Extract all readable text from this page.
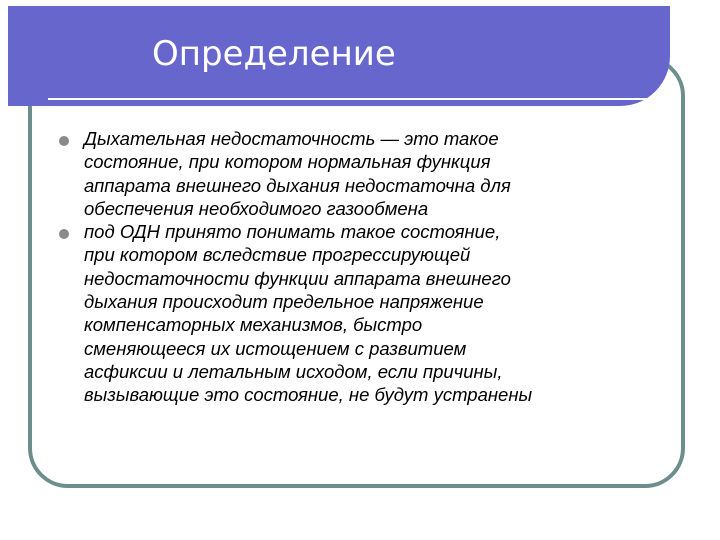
Определение
Дыхательная недостаточность — это такое
состояние, при котором нормальная функция
аппарата внешнего дыхания недостаточна для
обеспечения необходимого газообмена
под ОДН принято понимать такое состояние,
при котором вследствие прогрессирующей
недостаточности функции аппарата внешнего
дыхания происходит предельное напряжение
компенсаторных механизмов, быстро
сменяющееся их истощением с развитием
асфиксии и летальным исходом, если причины,
вызывающие это состояние, не будут устранены
